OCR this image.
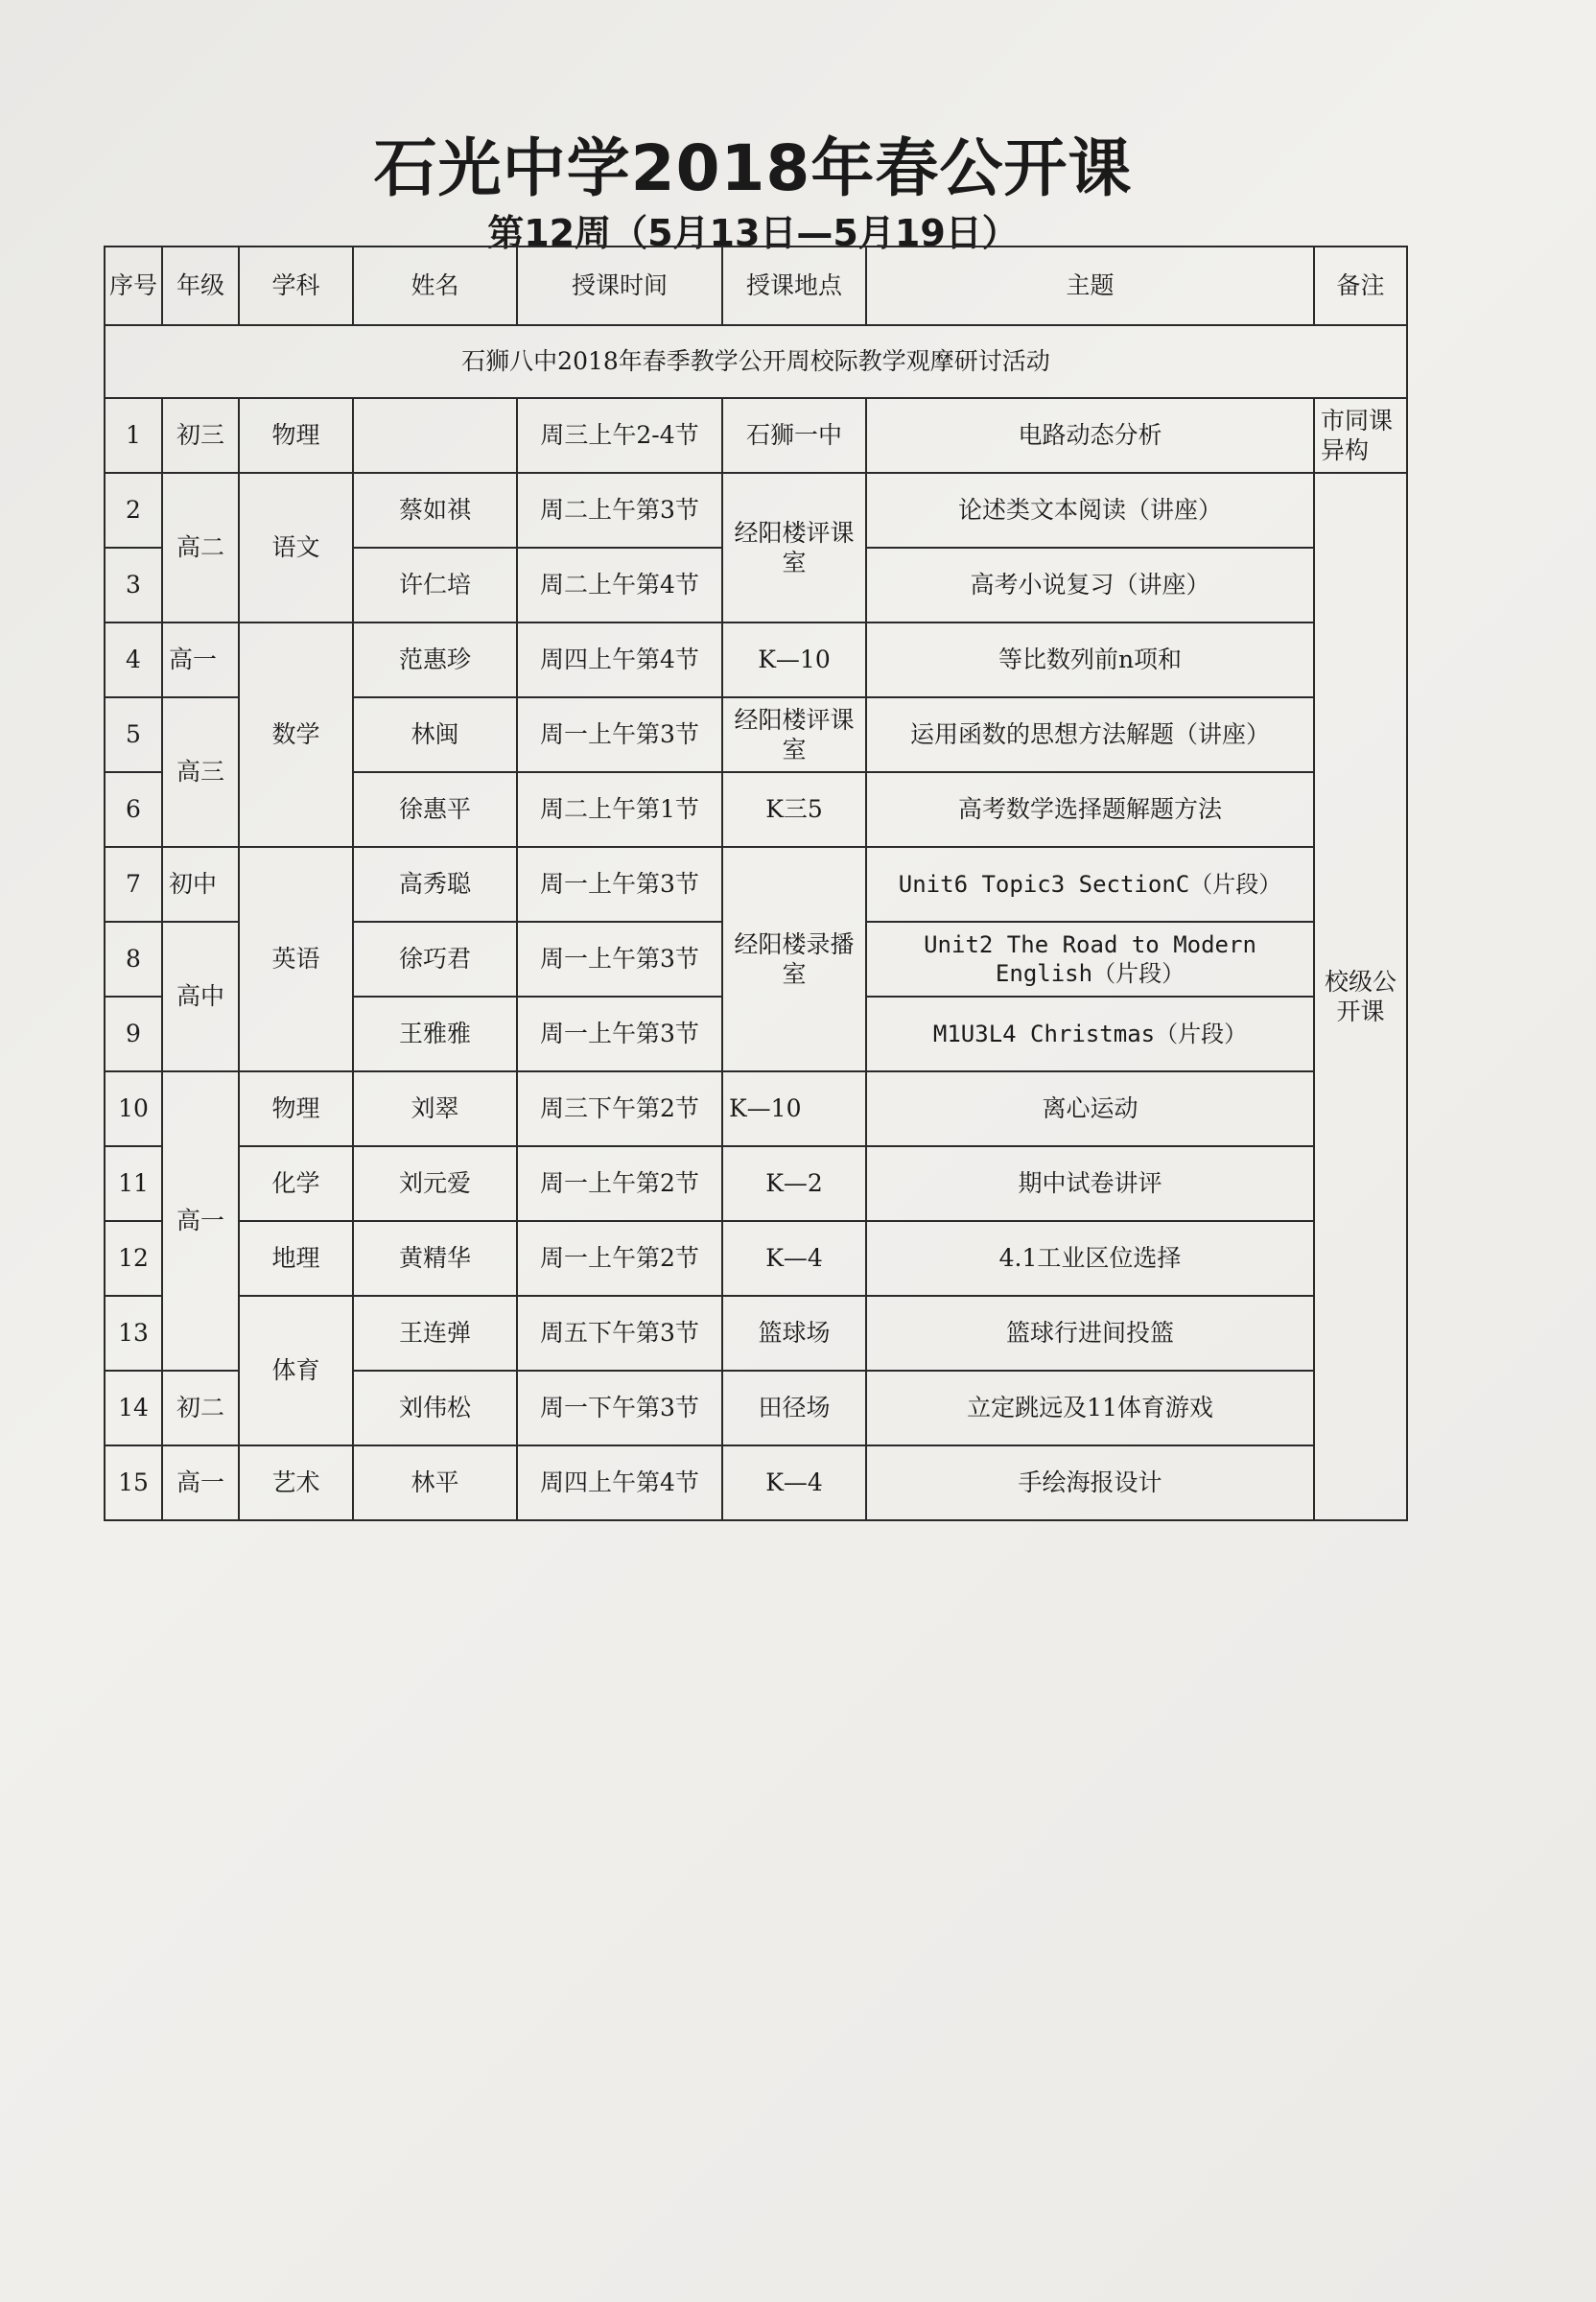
石光中学2018年春公开课
第12周（5月13日—5月19日）
序号	年级	学科	姓名	授课时间	授课地点	主题	备注
石狮八中2018年春季教学公开周校际教学观摩研讨活动							
1	初三	物理		周三上午2-4节	石狮一中	电路动态分析	市同课异构
2	高二	语文	蔡如祺	周二上午第3节	经阳楼评课室	论述类文本阅读（讲座）	校级公开课
3			许仁培	周二上午第4节		高考小说复习（讲座）	
4	高一	数学	范惠珍	周四上午第4节	K—10	等比数列前n项和	
5	高三		林闽	周一上午第3节	经阳楼评课室	运用函数的思想方法解题（讲座）	
6			徐惠平	周二上午第1节	K三5	高考数学选择题解题方法	
7	初中	英语	高秀聪	周一上午第3节	经阳楼录播室	Unit6 Topic3 SectionC（片段）	
8	高中		徐巧君	周一上午第3节		Unit2 The Road to Modern English（片段）	
9			王雅雅	周一上午第3节		M1U3L4 Christmas（片段）	
10	高一	物理	刘翠	周三下午第2节	K—10	离心运动	
11		化学	刘元爱	周一上午第2节	K—2	期中试卷讲评	
12		地理	黄精华	周一上午第2节	K—4	4.1工业区位选择	
13		体育	王连弹	周五下午第3节	篮球场	篮球行进间投篮	
14	初二		刘伟松	周一下午第3节	田径场	立定跳远及11体育游戏	
15	高一	艺术	林平	周四上午第4节	K—4	手绘海报设计	
